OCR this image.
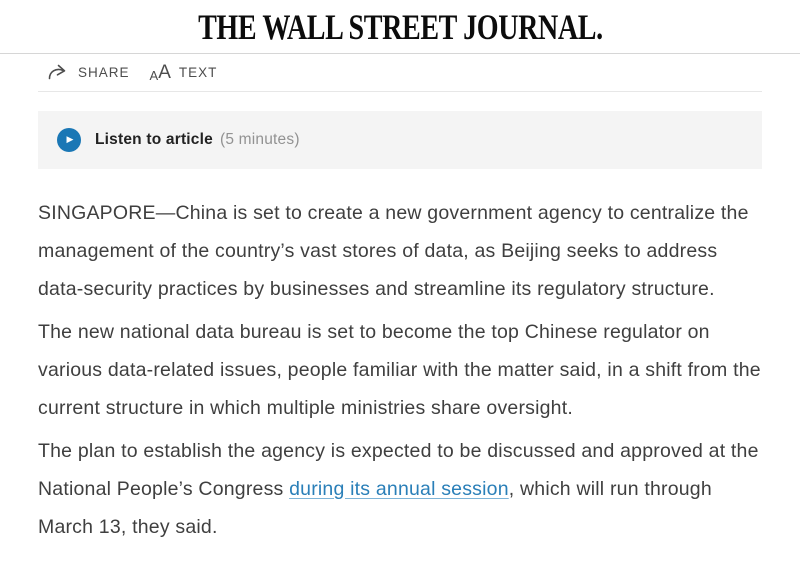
THE WALL STREET JOURNAL.
SHARE A A TEXT
▶ Listen to article (5 minutes)

SINGAPORE—China is set to create a new government agency to centralize the management of the country’s vast stores of data, as Beijing seeks to address data-security practices by businesses and streamline its regulatory structure.

The new national data bureau is set to become the top Chinese regulator on various data-related issues, people familiar with the matter said, in a shift from the current structure in which multiple ministries share oversight.

The plan to establish the agency is expected to be discussed and approved at the National People’s Congress during its annual session, which will run through March 13, they said.
